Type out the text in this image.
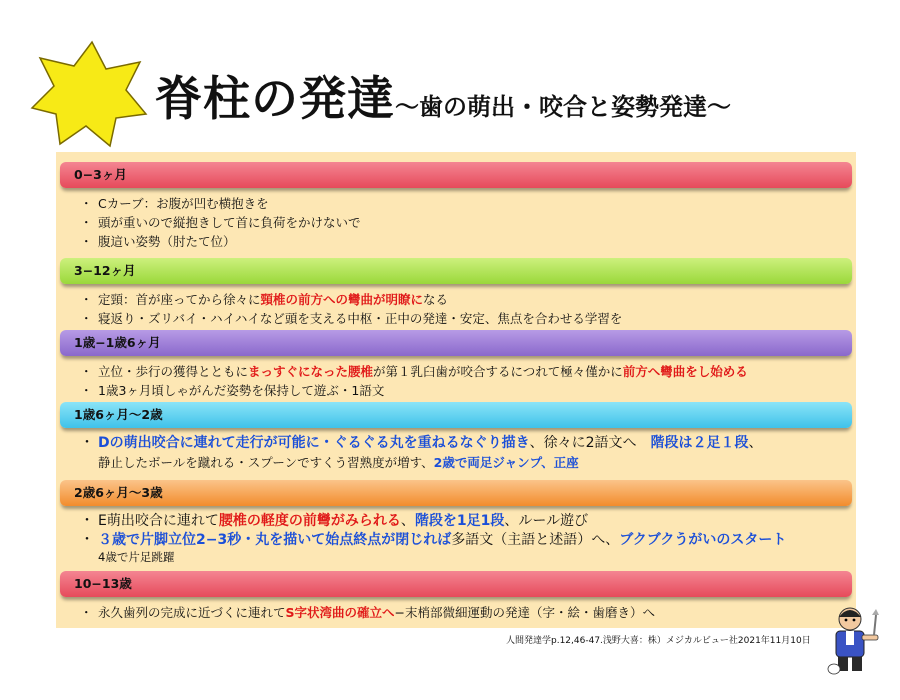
脊柱の発達～歯の萌出・咬合と姿勢発達～
0−3ヶ月
・ Cカーブ：お腹が凹む横抱きを
・ 頭が重いので縦抱きして首に負荷をかけないで
・ 腹這い姿勢（肘たて位）
3−12ヶ月
・ 定頸：首が座ってから徐々に頸椎の前方への彎曲が明瞭になる
・ 寝返り・ズリバイ・ハイハイなど頭を支える中枢・正中の発達・安定、焦点を合わせる学習を
1歳−1歳6ヶ月
・ 立位・歩行の獲得とともにまっすぐになった腰椎が第１乳臼歯が咬合するにつれて極々僅かに前方へ彎曲をし始める
・ 1歳3ヶ月頃しゃがんだ姿勢を保持して遊ぶ・1語文
1歳6ヶ月～2歳
・ Dの萌出咬合に連れて走行が可能に・ぐるぐる丸を重ねるなぐり描き、徐々に2語文へ　階段は２足１段、
静止したボールを蹴れる・スプーンですくう習熟度が増す、2歳で両足ジャンプ、正座
2歳6ヶ月～3歳
・ E萌出咬合に連れて腰椎の軽度の前彎がみられる、階段を1足1段、ルール遊び
・ ３歳で片脚立位2−3秒・丸を描いて始点終点が閉じれば多語文（主語と述語）へ、ブクブクうがいのスタート
4歳で片足跳躍
10−13歳
・ 永久歯列の完成に近づくに連れてS字状湾曲の確立へ−末梢部微細運動の発達（字・絵・歯磨き）へ
人間発達学p.12,46-47.浅野大喜：株）メジカルビュー社2021年11月10日
